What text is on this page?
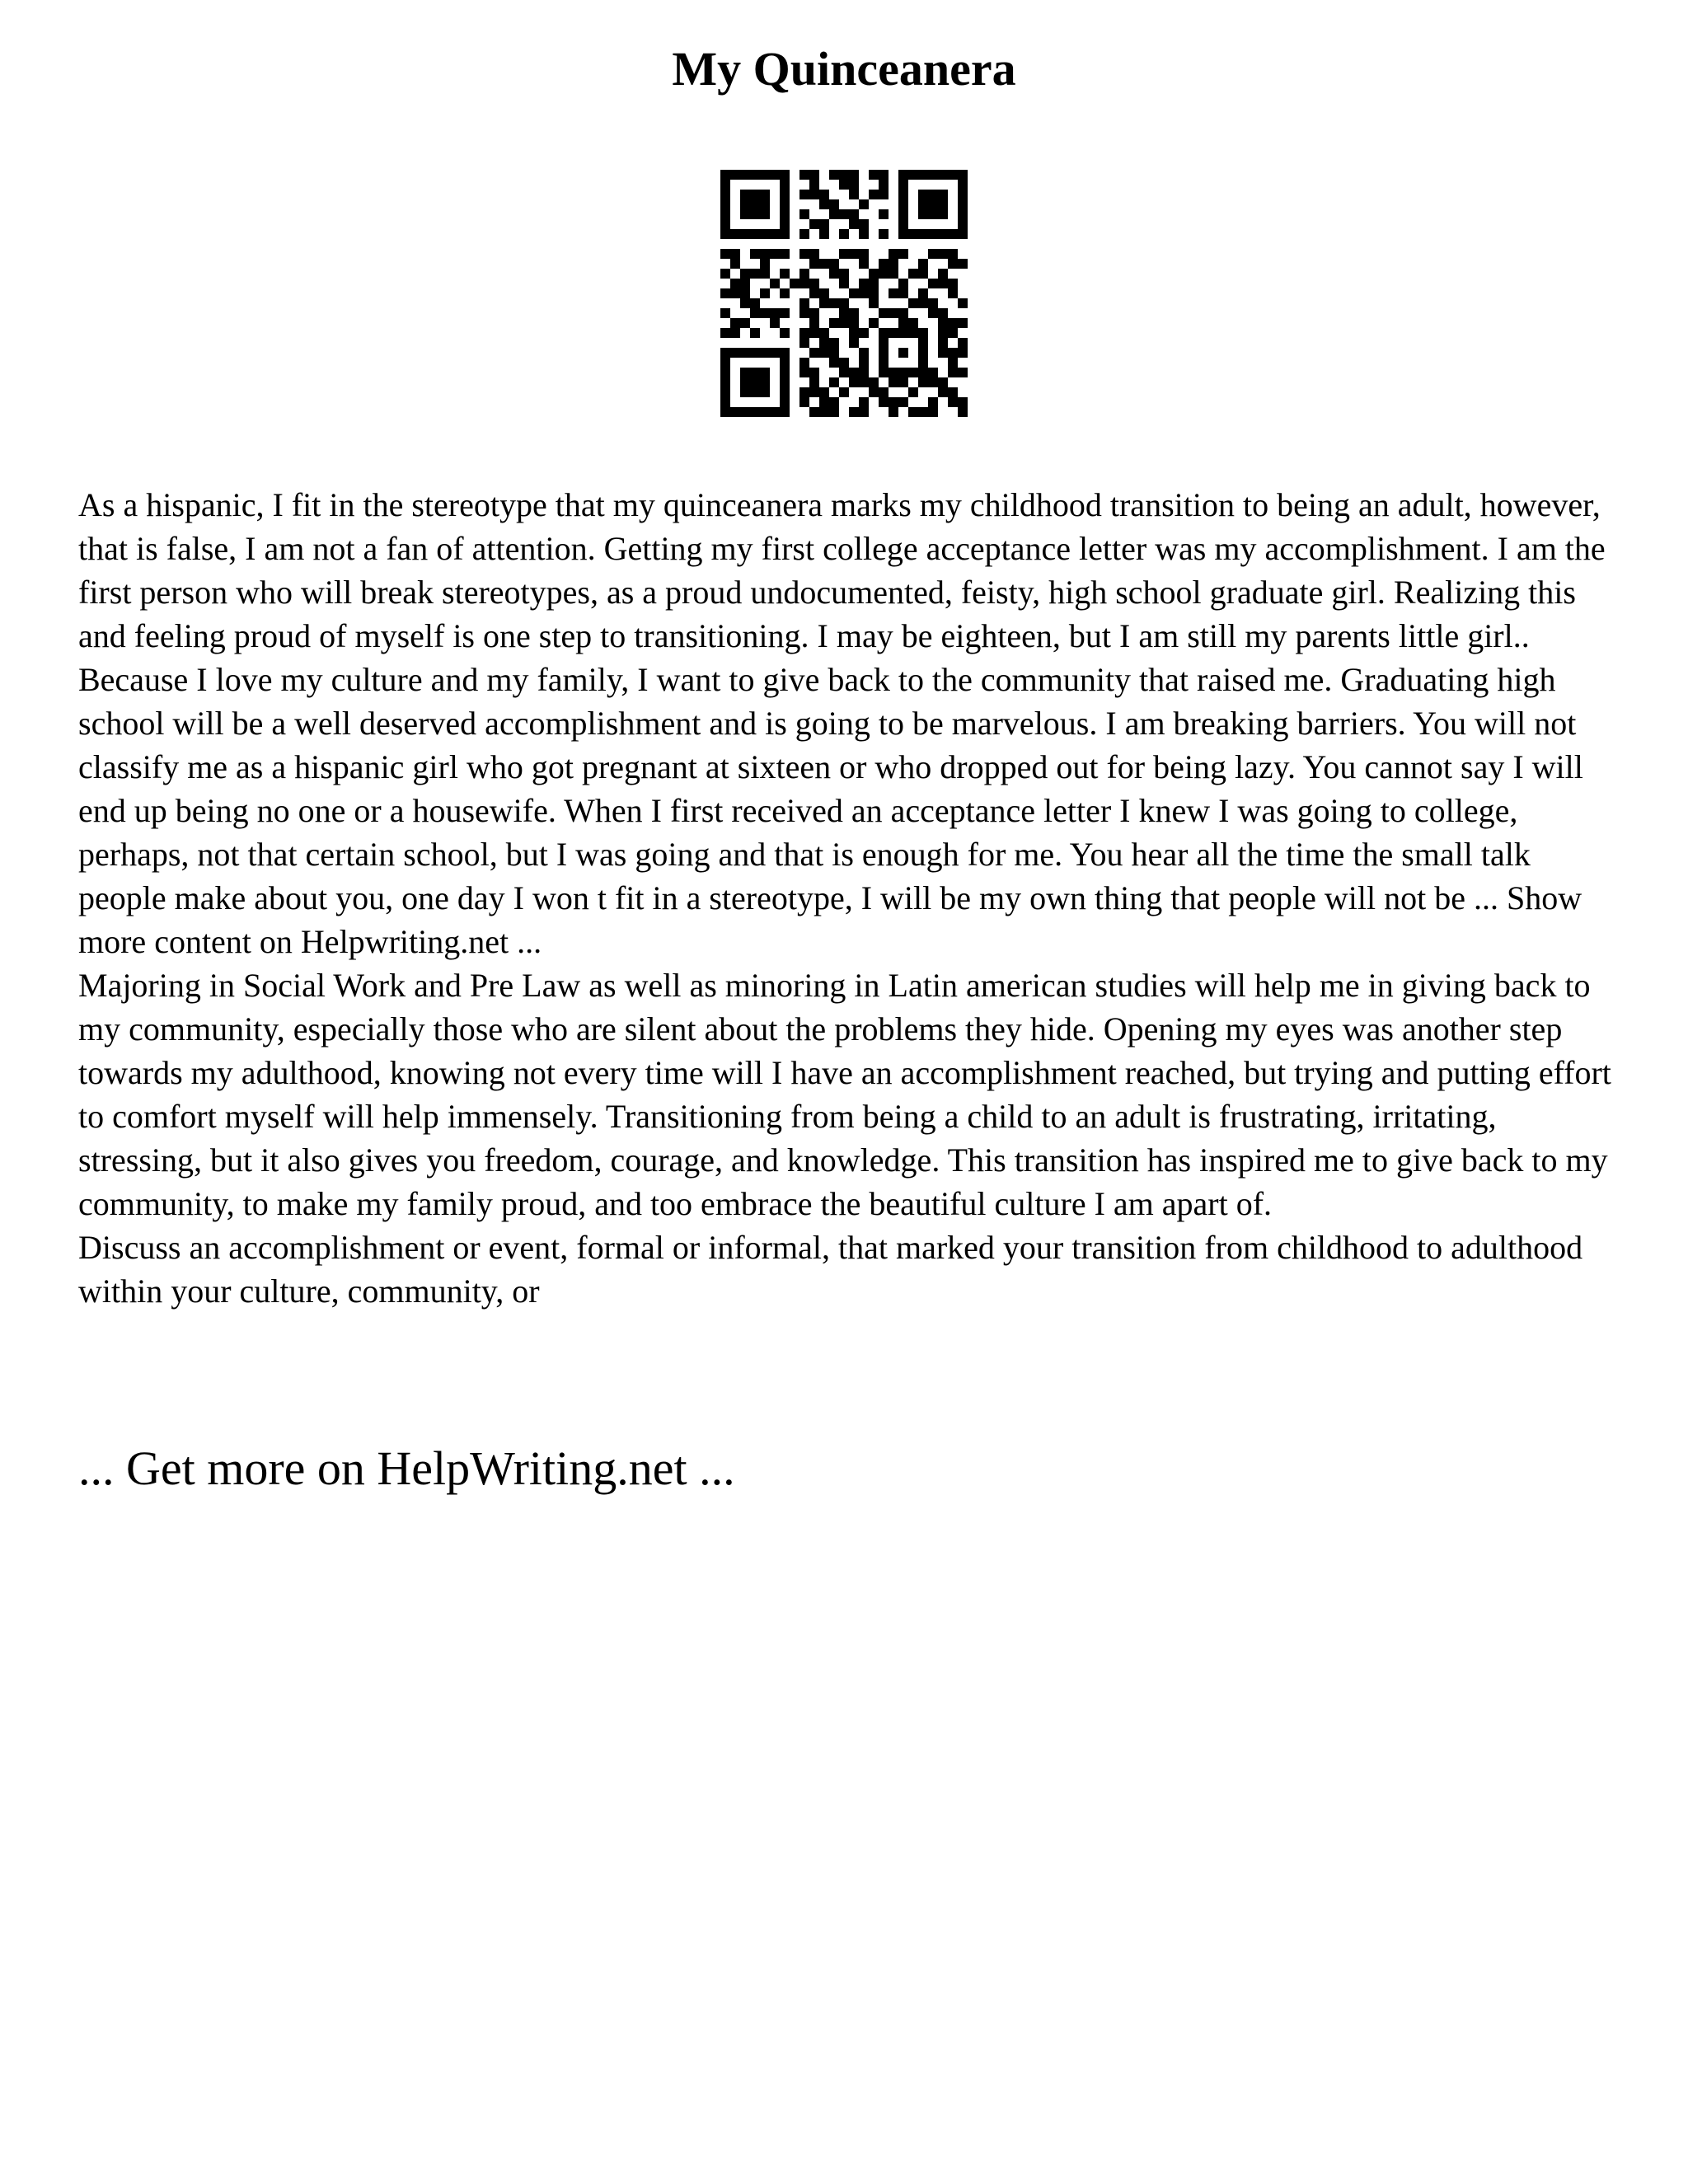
My Quinceanera

As a hispanic, I fit in the stereotype that my quinceanera marks my childhood transition to being an adult, however, that is false, I am not a fan of attention. Getting my first college acceptance letter was my accomplishment. I am the first person who will break stereotypes, as a proud undocumented, feisty, high school graduate girl. Realizing this and feeling proud of myself is one step to transitioning. I may be eighteen, but I am still my parents little girl.. Because I love my culture and my family, I want to give back to the community that raised me. Graduating high school will be a well deserved accomplishment and is going to be marvelous. I am breaking barriers. You will not classify me as a hispanic girl who got pregnant at sixteen or who dropped out for being lazy. You cannot say I will end up being no one or a housewife. When I first received an acceptance letter I knew I was going to college, perhaps, not that certain school, but I was going and that is enough for me. You hear all the time the small talk people make about you, one day I won t fit in a stereotype, I will be my own thing that people will not be ... Show more content on Helpwriting.net ...

Majoring in Social Work and Pre Law as well as minoring in Latin american studies will help me in giving back to my community, especially those who are silent about the problems they hide. Opening my eyes was another step towards my adulthood, knowing not every time will I have an accomplishment reached, but trying and putting effort to comfort myself will help immensely. Transitioning from being a child to an adult is frustrating, irritating, stressing, but it also gives you freedom, courage, and knowledge. This transition has inspired me to give back to my community, to make my family proud, and too embrace the beautiful culture I am apart of.

Discuss an accomplishment or event, formal or informal, that marked your transition from childhood to adulthood within your culture, community, or

... Get more on HelpWriting.net ...
